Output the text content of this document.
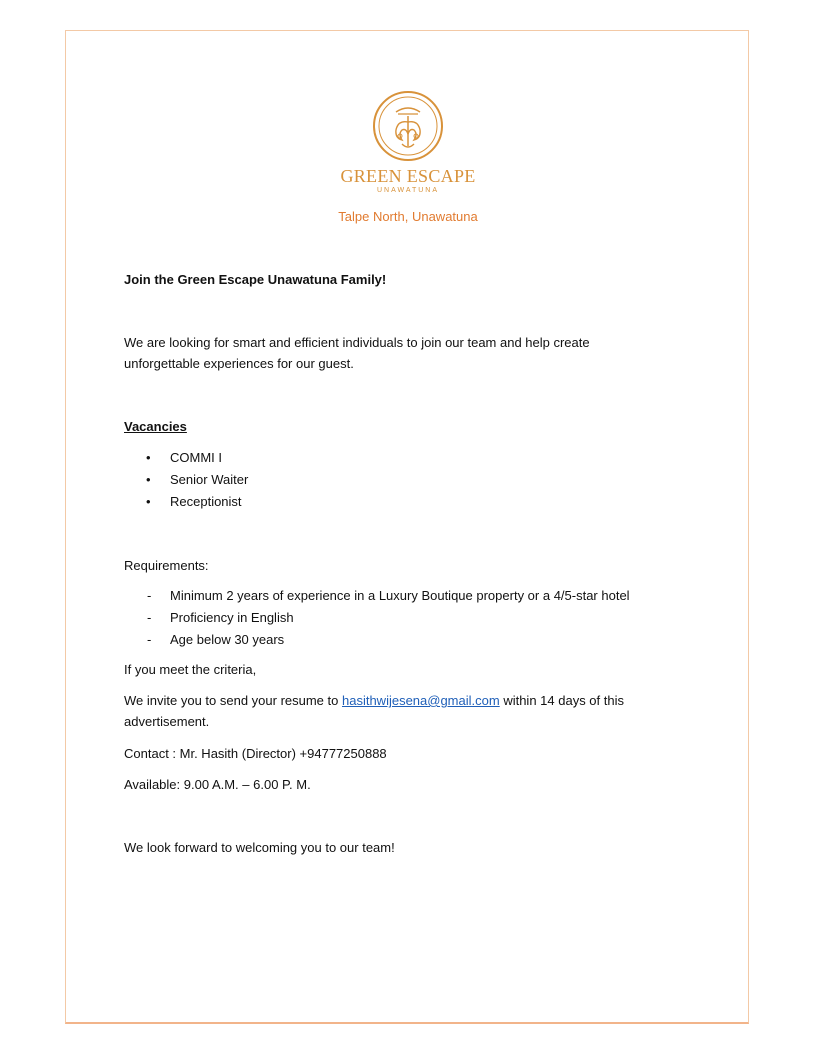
GREEN ESCAPE
UNAWATUNA
Talpe North, Unawatuna

Join the Green Escape Unawatuna Family!

We are looking for smart and efficient individuals to join our team and help create

unforgettable experiences for our guest.

Vacancies

• COMMI I
• Senior Waiter
• Receptionist

Requirements:

- Minimum 2 years of experience in a Luxury Boutique property or a 4/5-star hotel
- Proficiency in English
- Age below 30 years

If you meet the criteria,

We invite you to send your resume to hasithwijesena@gmail.com within 14 days of this

advertisement.

Contact : Mr. Hasith (Director) +94777250888

Available: 9.00 A.M. – 6.00 P. M.

We look forward to welcoming you to our team!
